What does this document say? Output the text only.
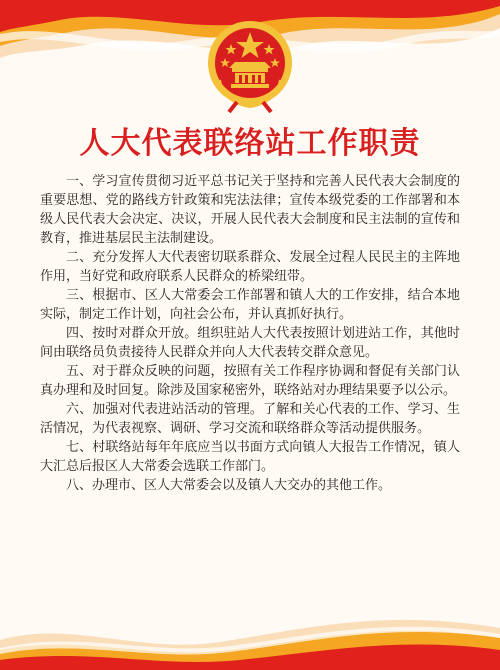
人大代表联络站工作职责

一、学习宣传贯彻习近平总书记关于坚持和完善人民代表大会制度的重要思想、党的路线方针政策和宪法法律；宣传本级党委的工作部署和本级人民代表大会决定、决议，开展人民代表大会制度和民主法制的宣传和教育，推进基层民主法制建设。

二、充分发挥人大代表密切联系群众、发展全过程人民民主的主阵地作用，当好党和政府联系人民群众的桥梁纽带。

三、根据市、区人大常委会工作部署和镇人大的工作安排，结合本地实际，制定工作计划，向社会公布，并认真抓好执行。

四、按时对群众开放。组织驻站人大代表按照计划进站工作，其他时间由联络员负责接待人民群众并向人大代表转交群众意见。

五、对于群众反映的问题，按照有关工作程序协调和督促有关部门认真办理和及时回复。除涉及国家秘密外，联络站对办理结果要予以公示。

六、加强对代表进站活动的管理。了解和关心代表的工作、学习、生活情况，为代表视察、调研、学习交流和联络群众等活动提供服务。

七、村联络站每年年底应当以书面方式向镇人大报告工作情况，镇人大汇总后报区人大常委会选联工作部门。

八、办理市、区人大常委会以及镇人大交办的其他工作。
